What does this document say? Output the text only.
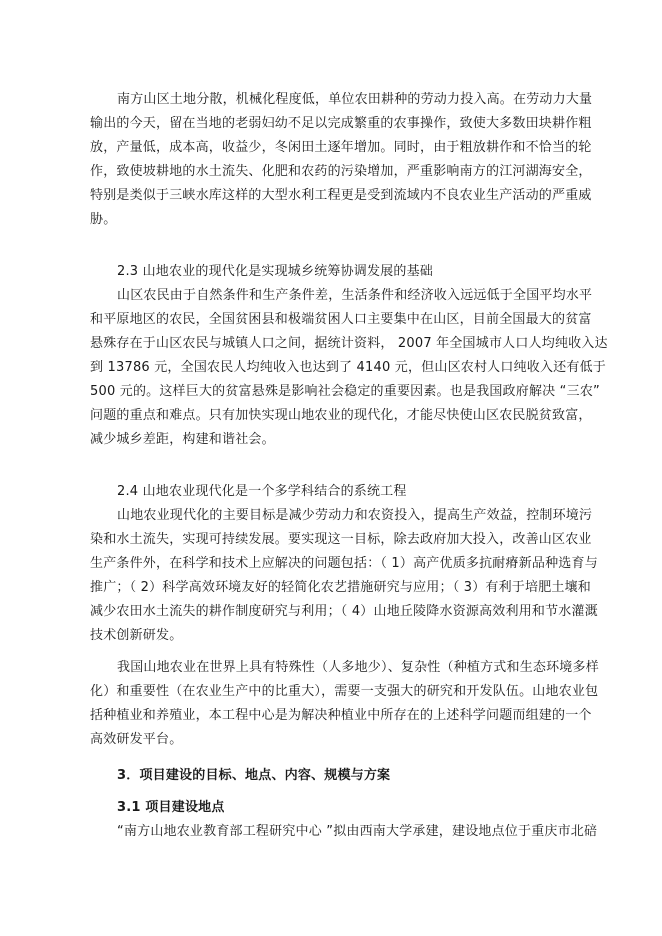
南方山区土地分散，机械化程度低，单位农田耕种的劳动力投入高。在劳动力大量
输出的今天，留在当地的老弱妇幼不足以完成繁重的农事操作，致使大多数田块耕作粗
放，产量低，成本高，收益少，冬闲田土逐年增加。同时，由于粗放耕作和不恰当的轮
作，致使坡耕地的水土流失、化肥和农药的污染增加，严重影响南方的江河湖海安全，
特别是类似于三峡水库这样的大型水利工程更是受到流域内不良农业生产活动的严重威
胁。
2.3 山地农业的现代化是实现城乡统筹协调发展的基础
山区农民由于自然条件和生产条件差，生活条件和经济收入远远低于全国平均水平
和平原地区的农民，全国贫困县和极端贫困人口主要集中在山区，目前全国最大的贫富
悬殊存在于山区农民与城镇人口之间，据统计资料， 2007 年全国城市人口人均纯收入达
到 13786 元，全国农民人均纯收入也达到了 4140 元，但山区农村人口纯收入还有低于
500 元的。这样巨大的贫富悬殊是影响社会稳定的重要因素。也是我国政府解决 “三农”
问题的重点和难点。只有加快实现山地农业的现代化，才能尽快使山区农民脱贫致富，
减少城乡差距，构建和谐社会。
2.4 山地农业现代化是一个多学科结合的系统工程
山地农业现代化的主要目标是减少劳动力和农资投入，提高生产效益，控制环境污
染和水土流失，实现可持续发展。要实现这一目标，除去政府加大投入，改善山区农业
生产条件外，在科学和技术上应解决的问题包括：（ 1）高产优质多抗耐瘠新品种选育与
推广；（ 2）科学高效环境友好的轻简化农艺措施研究与应用；（ 3）有利于培肥土壤和
减少农田水土流失的耕作制度研究与利用；（ 4）山地丘陵降水资源高效利用和节水灌溉
技术创新研发。
我国山地农业在世界上具有特殊性（人多地少）、复杂性（种植方式和生态环境多样
化）和重要性（在农业生产中的比重大），需要一支强大的研究和开发队伍。山地农业包
括种植业和养殖业，本工程中心是为解决种植业中所存在的上述科学问题而组建的一个
高效研发平台。
3．项目建设的目标、地点、内容、规模与方案
3.1 项目建设地点
“南方山地农业教育部工程研究中心 ”拟由西南大学承建，建设地点位于重庆市北碚
